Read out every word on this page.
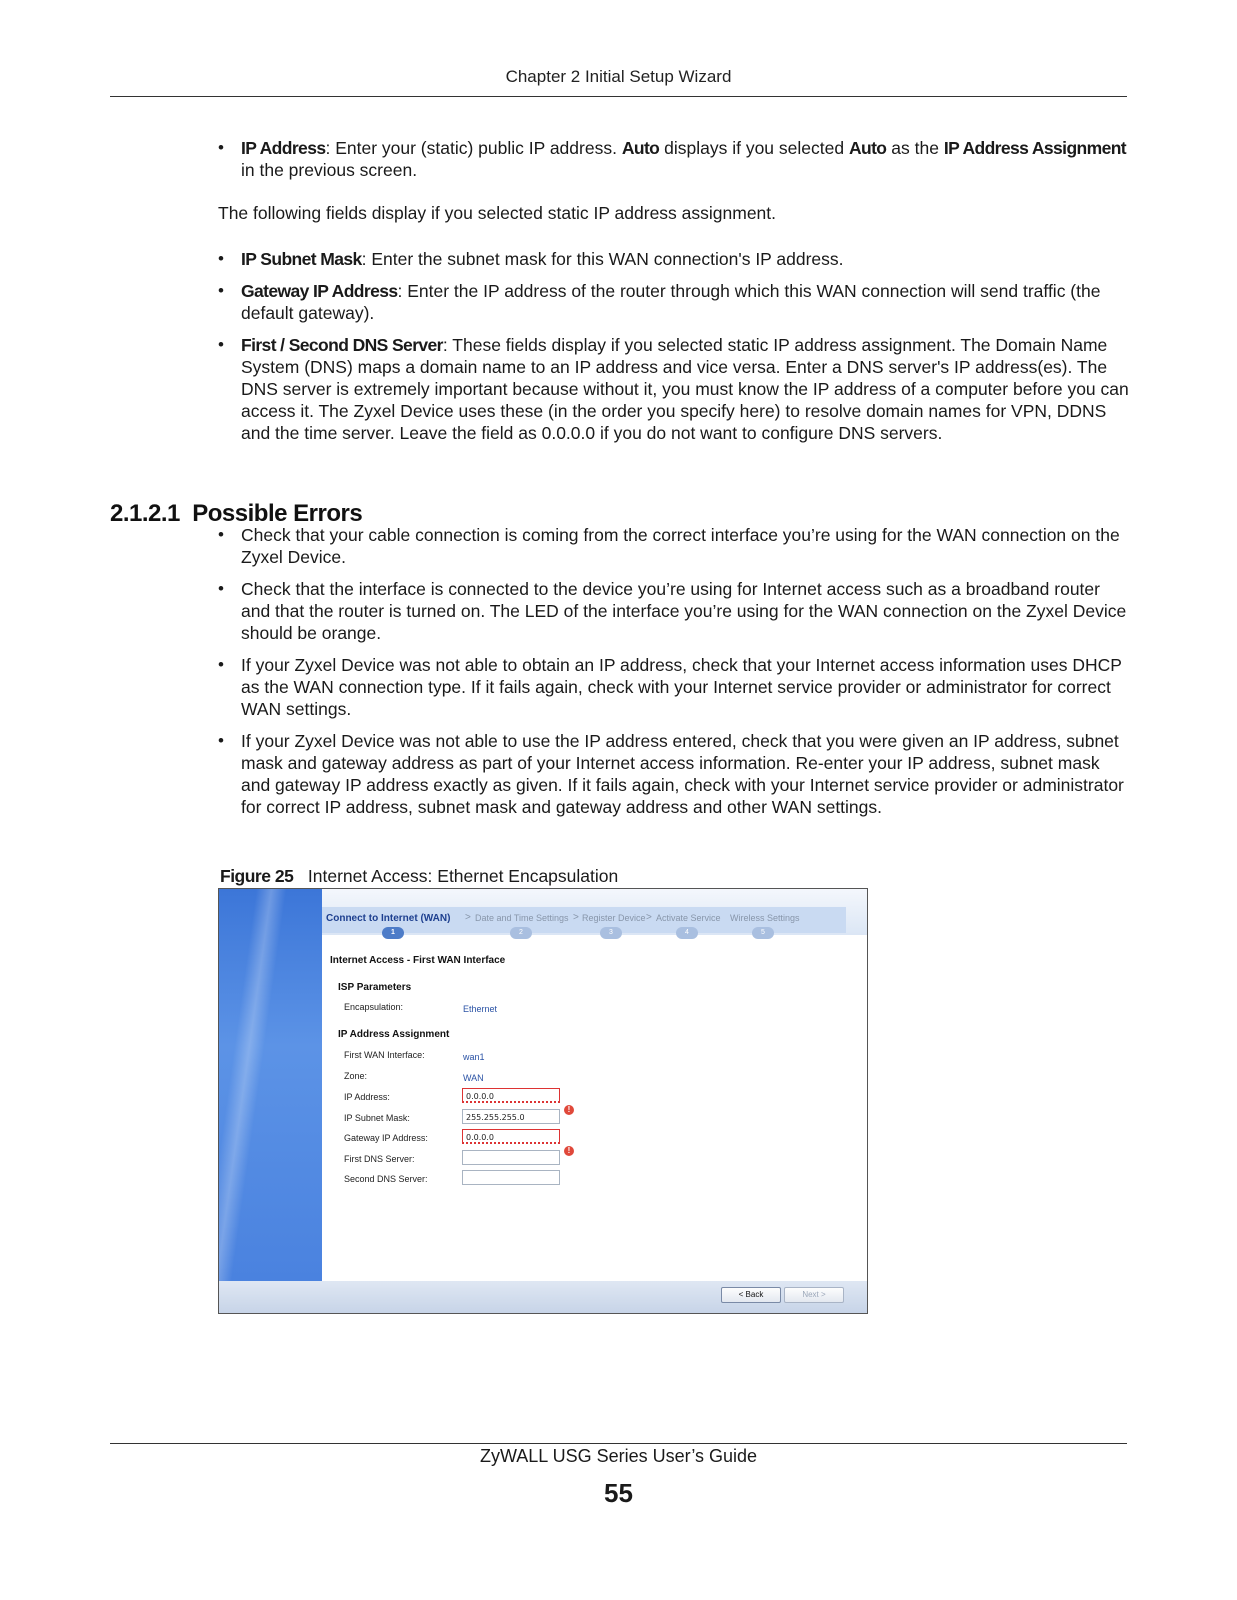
Chapter 2 Initial Setup Wizard
• IP Address: Enter your (static) public IP address. Auto displays if you selected Auto as the IP Address Assignment in the previous screen.
The following fields display if you selected static IP address assignment.
• IP Subnet Mask: Enter the subnet mask for this WAN connection's IP address.
• Gateway IP Address: Enter the IP address of the router through which this WAN connection will send traffic (the default gateway).
• First / Second DNS Server: These fields display if you selected static IP address assignment. The Domain Name System (DNS) maps a domain name to an IP address and vice versa. Enter a DNS server's IP address(es). The DNS server is extremely important because without it, you must know the IP address of a computer before you can access it. The Zyxel Device uses these (in the order you specify here) to resolve domain names for VPN, DDNS and the time server. Leave the field as 0.0.0.0 if you do not want to configure DNS servers.
2.1.2.1 Possible Errors
• Check that your cable connection is coming from the correct interface you’re using for the WAN connection on the Zyxel Device.
• Check that the interface is connected to the device you’re using for Internet access such as a broadband router and that the router is turned on. The LED of the interface you’re using for the WAN connection on the Zyxel Device should be orange.
• If your Zyxel Device was not able to obtain an IP address, check that your Internet access information uses DHCP as the WAN connection type. If it fails again, check with your Internet service provider or administrator for correct WAN settings.
• If your Zyxel Device was not able to use the IP address entered, check that you were given an IP address, subnet mask and gateway address as part of your Internet access information. Re-enter your IP address, subnet mask and gateway IP address exactly as given. If it fails again, check with your Internet service provider or administrator for correct IP address, subnet mask and gateway address and other WAN settings.
Figure 25 Internet Access: Ethernet Encapsulation
Connect to Internet (WAN) > Date and Time Settings > Register Device > Activate Service Wireless Settings
1	2	3	4	5
Internet Access - First WAN Interface
ISP Parameters
Encapsulation:	Ethernet
IP Address Assignment
First WAN Interface:	wan1
Zone:	WAN
IP Address:	0.0.0.0
!
IP Subnet Mask:	255.255.255.0
Gateway IP Address:	0.0.0.0
!
First DNS Server:
Second DNS Server:
< Back	Next >
ZyWALL USG Series User’s Guide
55
